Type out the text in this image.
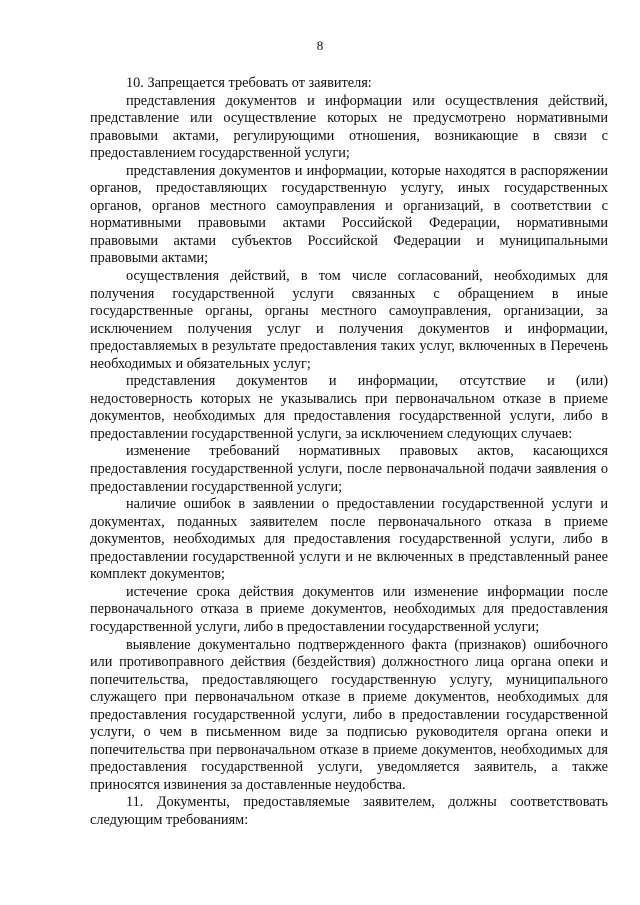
8

10. Запрещается требовать от заявителя:

представления документов и информации или осуществления действий, представление или осуществление которых не предусмотрено нормативными правовыми актами, регулирующими отношения, возникающие в связи с предоставлением государственной услуги;

представления документов и информации, которые находятся в распоряжении органов, предоставляющих государственную услугу, иных государственных органов, органов местного самоуправления и организаций, в соответствии с нормативными правовыми актами Российской Федерации, нормативными правовыми актами субъектов Российской Федерации и муниципальными правовыми актами;

осуществления действий, в том числе согласований, необходимых для получения государственной услуги связанных с обращением в иные государственные органы, органы местного самоуправления, организации, за исключением получения услуг и получения документов и информации, предоставляемых в результате предоставления таких услуг, включенных в Перечень необходимых и обязательных услуг;

представления документов и информации, отсутствие и (или) недостоверность которых не указывались при первоначальном отказе в приеме документов, необходимых для предоставления государственной услуги, либо в предоставлении государственной услуги, за исключением следующих случаев:

изменение требований нормативных правовых актов, касающихся предоставления государственной услуги, после первоначальной подачи заявления о предоставлении государственной услуги;

наличие ошибок в заявлении о предоставлении государственной услуги и документах, поданных заявителем после первоначального отказа в приеме документов, необходимых для предоставления государственной услуги, либо в предоставлении государственной услуги и не включенных в представленный ранее комплект документов;

истечение срока действия документов или изменение информации после первоначального отказа в приеме документов, необходимых для предоставления государственной услуги, либо в предоставлении государственной услуги;

выявление документально подтвержденного факта (признаков) ошибочного или противоправного действия (бездействия) должностного лица органа опеки и попечительства, предоставляющего государственную услугу, муниципального служащего при первоначальном отказе в приеме документов, необходимых для предоставления государственной услуги, либо в предоставлении государственной услуги, о чем в письменном виде за подписью руководителя органа опеки и попечительства при первоначальном отказе в приеме документов, необходимых для предоставления государственной услуги, уведомляется заявитель, а также приносятся извинения за доставленные неудобства.

11. Документы, предоставляемые заявителем, должны соответствовать следующим требованиям:
